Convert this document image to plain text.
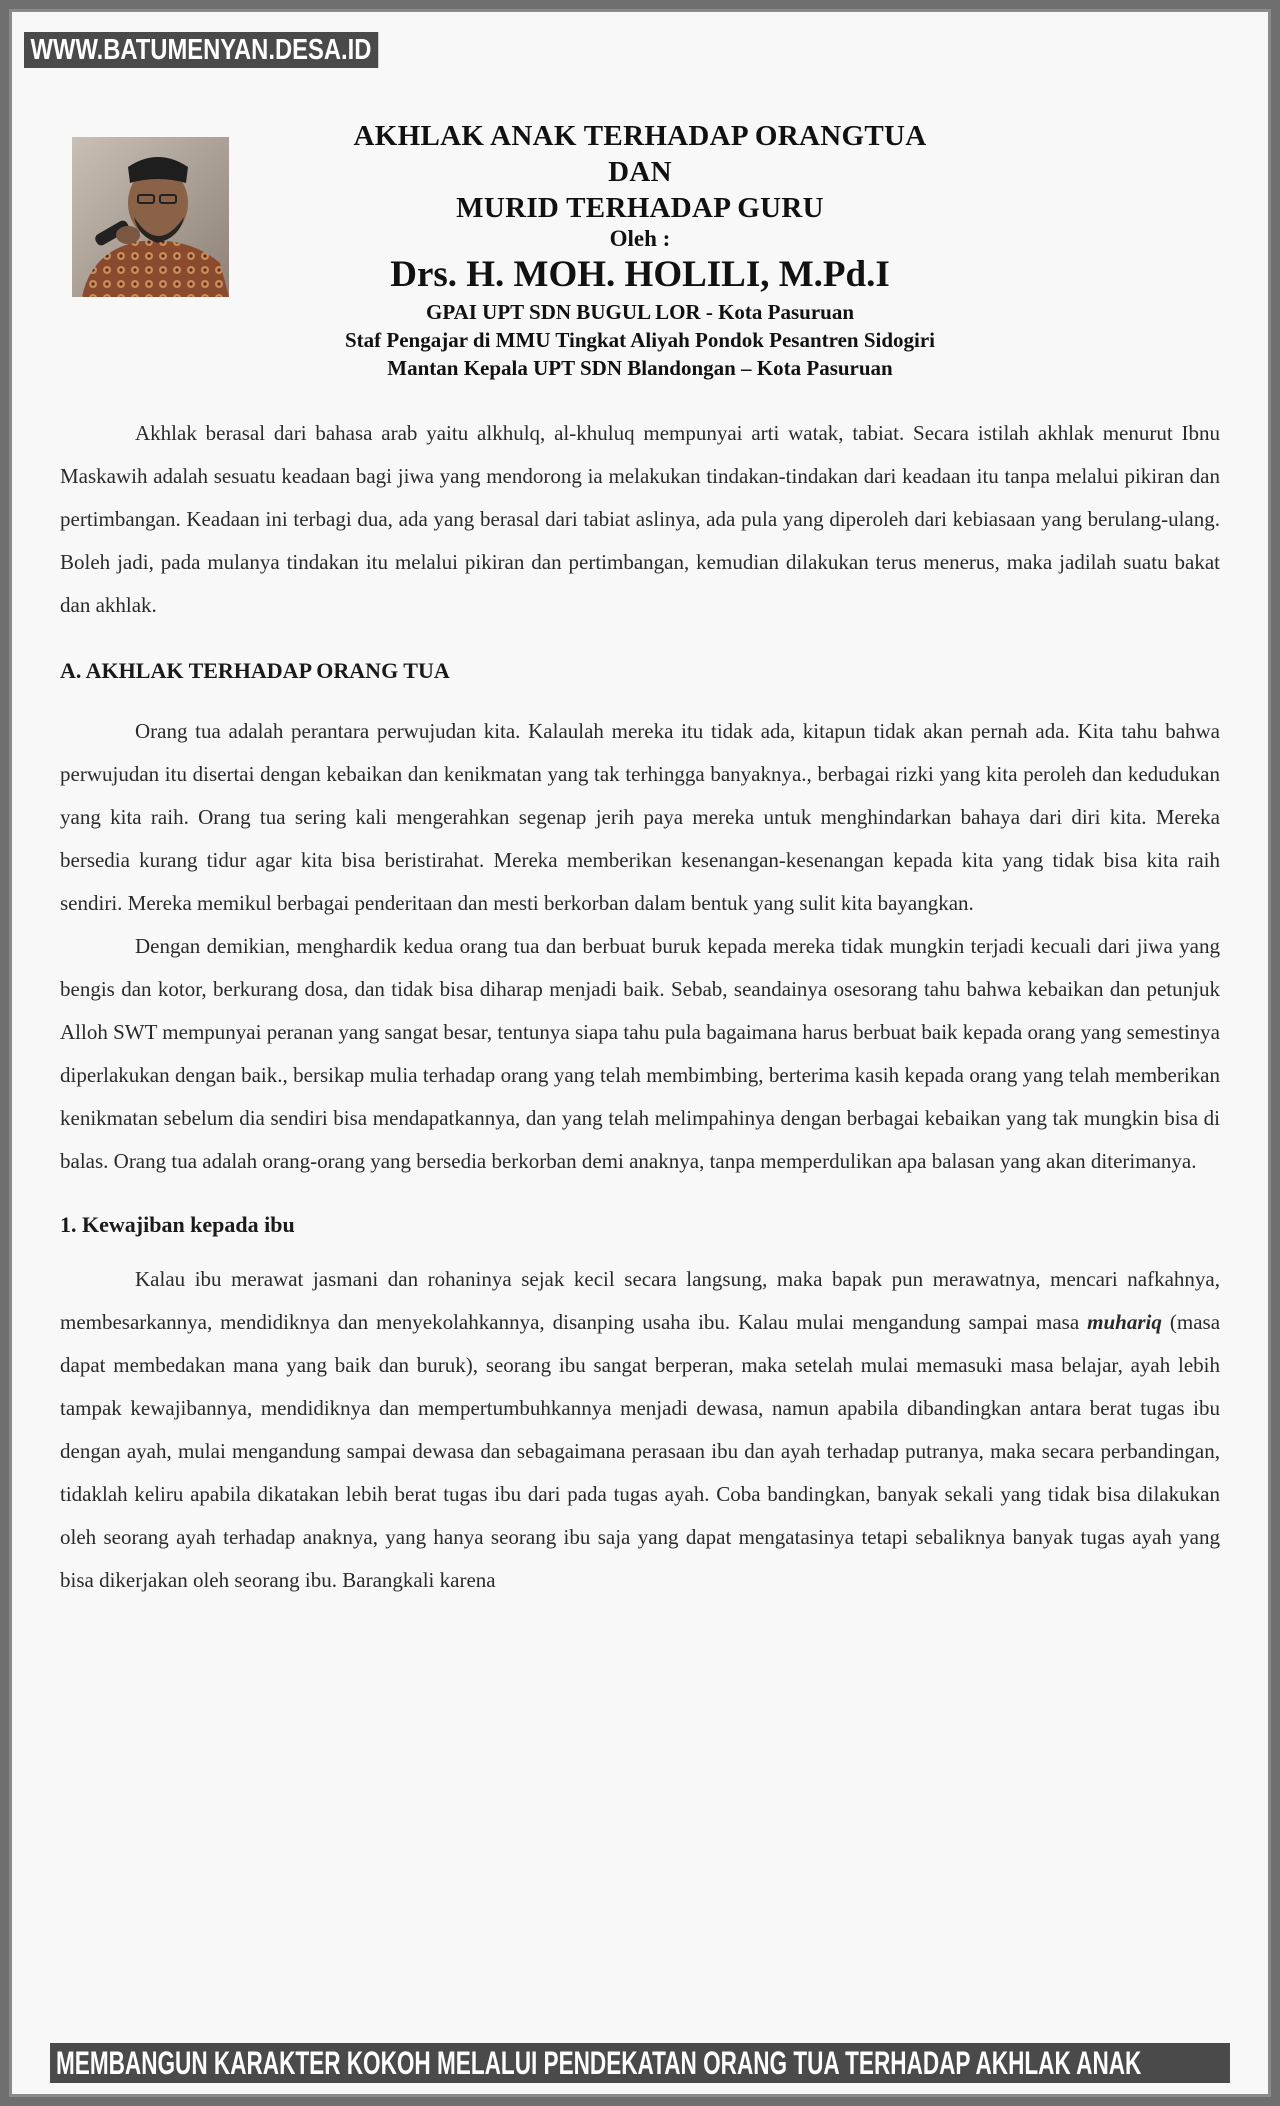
WWW.BATUMENYAN.DESA.ID
AKHLAK ANAK TERHADAP ORANGTUA
DAN
MURID TERHADAP GURU
Oleh :
Drs. H. MOH. HOLILI, M.Pd.I
GPAI UPT SDN BUGUL LOR - Kota Pasuruan
Staf Pengajar di MMU Tingkat Aliyah Pondok Pesantren Sidogiri
Mantan Kepala UPT SDN Blandongan – Kota Pasuruan

Akhlak berasal dari bahasa arab yaitu alkhulq, al-khuluq mempunyai arti watak, tabiat. Secara istilah akhlak menurut Ibnu Maskawih adalah sesuatu keadaan bagi jiwa yang mendorong ia melakukan tindakan-tindakan dari keadaan itu tanpa melalui pikiran dan pertimbangan. Keadaan ini terbagi dua, ada yang berasal dari tabiat aslinya, ada pula yang diperoleh dari kebiasaan yang berulang-ulang. Boleh jadi, pada mulanya tindakan itu melalui pikiran dan pertimbangan, kemudian dilakukan terus menerus, maka jadilah suatu bakat dan akhlak.

A. AKHLAK TERHADAP ORANG TUA

Orang tua adalah perantara perwujudan kita. Kalaulah mereka itu tidak ada, kitapun tidak akan pernah ada. Kita tahu bahwa perwujudan itu disertai dengan kebaikan dan kenikmatan yang tak terhingga banyaknya., berbagai rizki yang kita peroleh dan kedudukan yang kita raih. Orang tua sering kali mengerahkan segenap jerih paya mereka untuk menghindarkan bahaya dari diri kita. Mereka bersedia kurang tidur agar kita bisa beristirahat. Mereka memberikan kesenangan-kesenangan kepada kita yang tidak bisa kita raih sendiri. Mereka memikul berbagai penderitaan dan mesti berkorban dalam bentuk yang sulit kita bayangkan.

Dengan demikian, menghardik kedua orang tua dan berbuat buruk kepada mereka tidak mungkin terjadi kecuali dari jiwa yang bengis dan kotor, berkurang dosa, dan tidak bisa diharap menjadi baik. Sebab, seandainya osesorang tahu bahwa kebaikan dan petunjuk Alloh SWT mempunyai peranan yang sangat besar, tentunya siapa tahu pula bagaimana harus berbuat baik kepada orang yang semestinya diperlakukan dengan baik., bersikap mulia terhadap orang yang telah membimbing, berterima kasih kepada orang yang telah memberikan kenikmatan sebelum dia sendiri bisa mendapatkannya, dan yang telah melimpahinya dengan berbagai kebaikan yang tak mungkin bisa di balas. Orang tua adalah orang-orang yang bersedia berkorban demi anaknya, tanpa memperdulikan apa balasan yang akan diterimanya.

1. Kewajiban kepada ibu

Kalau ibu merawat jasmani dan rohaninya sejak kecil secara langsung, maka bapak pun merawatnya, mencari nafkahnya, membesarkannya, mendidiknya dan menyekolahkannya, disanping usaha ibu. Kalau mulai mengandung sampai masa muhariq (masa dapat membedakan mana yang baik dan buruk), seorang ibu sangat berperan, maka setelah mulai memasuki masa belajar, ayah lebih tampak kewajibannya, mendidiknya dan mempertumbuhkannya menjadi dewasa, namun apabila dibandingkan antara berat tugas ibu dengan ayah, mulai mengandung sampai dewasa dan sebagaimana perasaan ibu dan ayah terhadap putranya, maka secara perbandingan, tidaklah keliru apabila dikatakan lebih berat tugas ibu dari pada tugas ayah. Coba bandingkan, banyak sekali yang tidak bisa dilakukan oleh seorang ayah terhadap anaknya, yang hanya seorang ibu saja yang dapat mengatasinya tetapi sebaliknya banyak tugas ayah yang bisa dikerjakan oleh seorang ibu. Barangkali karena

MEMBANGUN KARAKTER KOKOH MELALUI PENDEKATAN ORANG TUA TERHADAP AKHLAK ANAK
